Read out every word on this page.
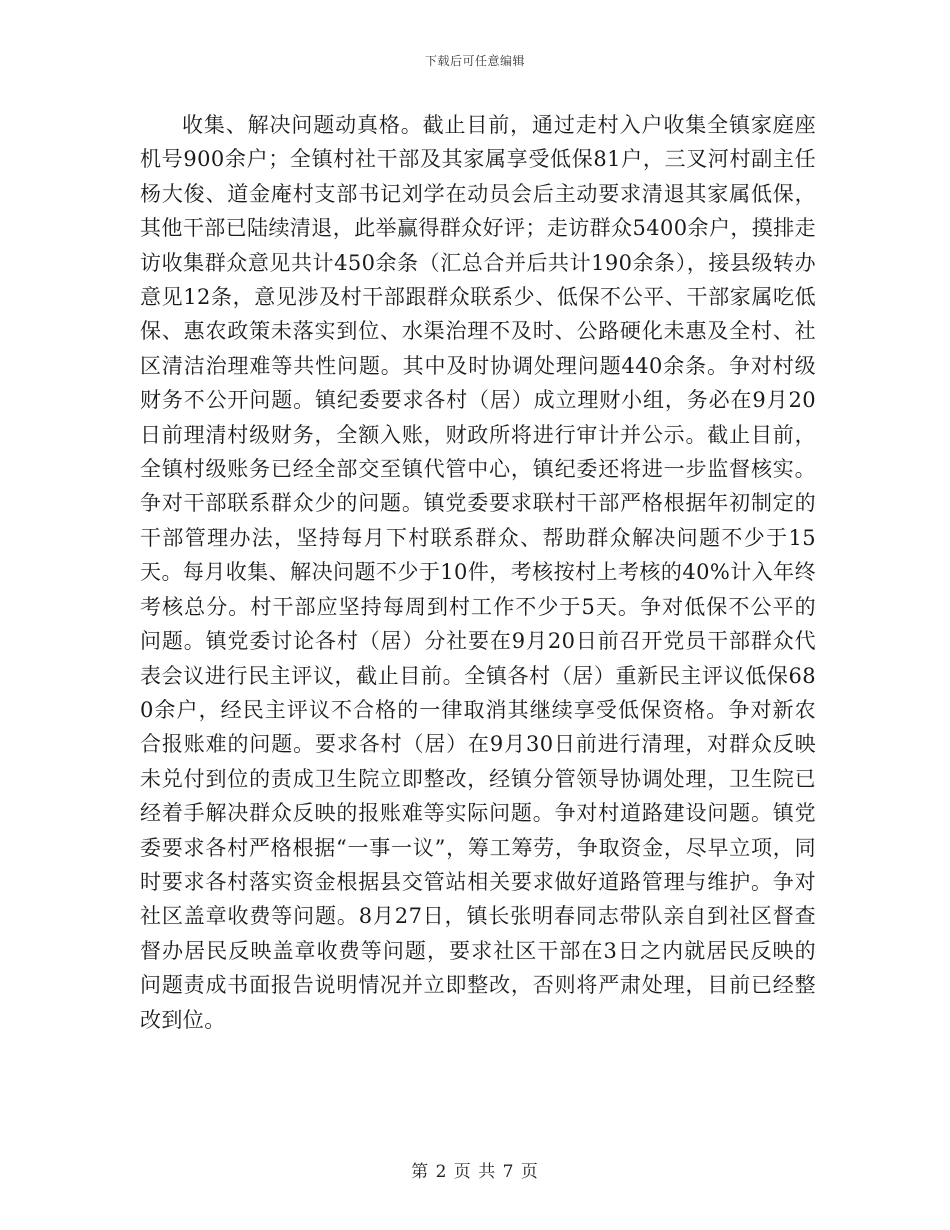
下载后可任意编辑

收集、解决问题动真格。截止目前，通过走村入户收集全镇家庭座机号900余户；全镇村社干部及其家属享受低保81户，三叉河村副主任杨大俊、道金庵村支部书记刘学在动员会后主动要求清退其家属低保，其他干部已陆续清退，此举赢得群众好评；走访群众5400余户，摸排走访收集群众意见共计450余条（汇总合并后共计190余条），接县级转办意见12条，意见涉及村干部跟群众联系少、低保不公平、干部家属吃低保、惠农政策未落实到位、水渠治理不及时、公路硬化未惠及全村、社区清洁治理难等共性问题。其中及时协调处理问题440余条。争对村级财务不公开问题。镇纪委要求各村（居）成立理财小组，务必在9月20日前理清村级财务，全额入账，财政所将进行审计并公示。截止目前，全镇村级账务已经全部交至镇代管中心，镇纪委还将进一步监督核实。争对干部联系群众少的问题。镇党委要求联村干部严格根据年初制定的干部管理办法，坚持每月下村联系群众、帮助群众解决问题不少于15天。每月收集、解决问题不少于10件，考核按村上考核的40%计入年终考核总分。村干部应坚持每周到村工作不少于5天。争对低保不公平的问题。镇党委讨论各村（居）分社要在9月20日前召开党员干部群众代表会议进行民主评议，截止目前。全镇各村（居）重新民主评议低保680余户，经民主评议不合格的一律取消其继续享受低保资格。争对新农合报账难的问题。要求各村（居）在9月30日前进行清理，对群众反映未兑付到位的责成卫生院立即整改，经镇分管领导协调处理，卫生院已经着手解决群众反映的报账难等实际问题。争对村道路建设问题。镇党委要求各村严格根据“一事一议”，筹工筹劳，争取资金，尽早立项，同时要求各村落实资金根据县交管站相关要求做好道路管理与维护。争对社区盖章收费等问题。8月27日，镇长张明春同志带队亲自到社区督查督办居民反映盖章收费等问题，要求社区干部在3日之内就居民反映的问题责成书面报告说明情况并立即整改，否则将严肃处理，目前已经整改到位。

第 2 页 共 7 页
